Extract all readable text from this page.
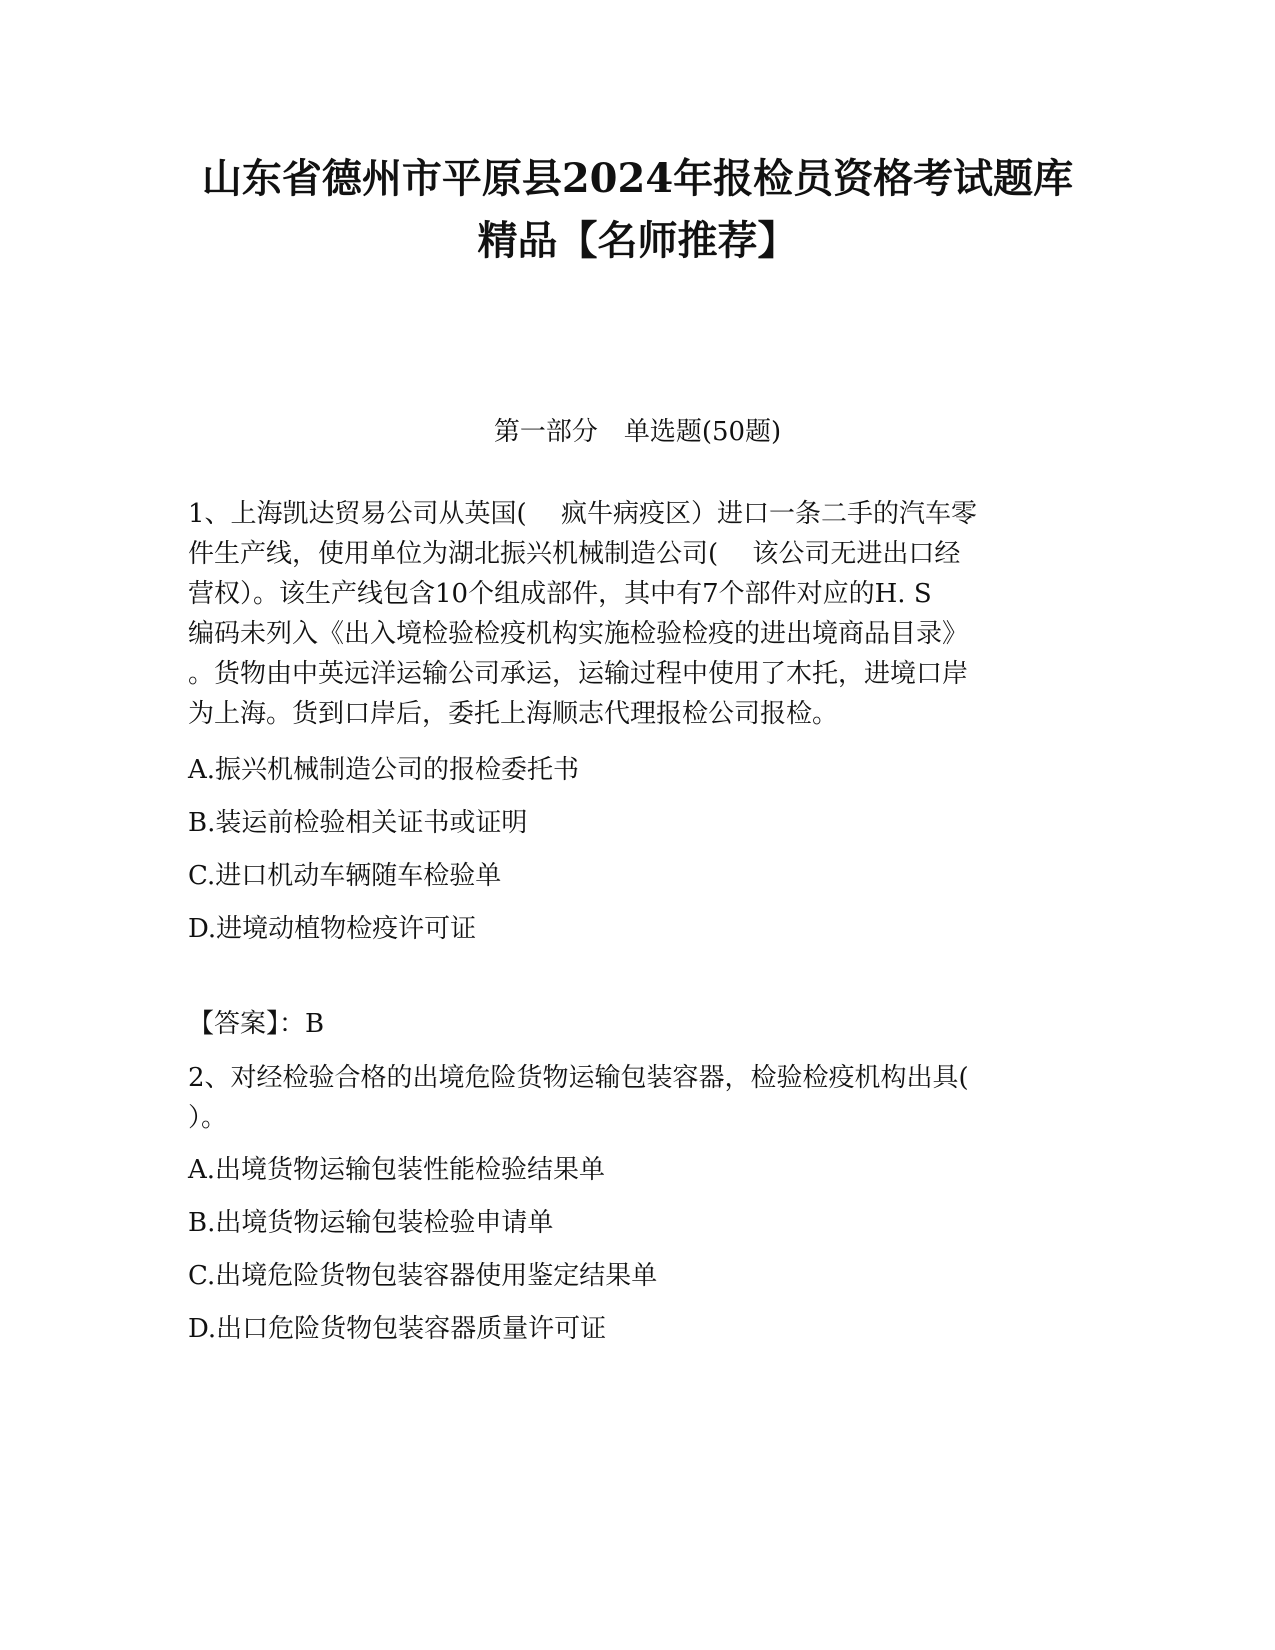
山东省德州市平原县2024年报检员资格考试题库
精品【名师推荐】
第一部分　单选题(50题)
1、上海凯达贸易公司从英国(　 疯牛病疫区）进口一条二手的汽车零
件生产线，使用单位为湖北振兴机械制造公司(　 该公司无进出口经
营权）。该生产线包含10个组成部件，其中有7个部件对应的H. S
编码未列入《出入境检验检疫机构实施检验检疫的进出境商品目录》
。货物由中英远洋运输公司承运，运输过程中使用了木托，进境口岸
为上海。货到口岸后，委托上海顺志代理报检公司报检。
A.振兴机械制造公司的报检委托书
B.装运前检验相关证书或证明
C.进口机动车辆随车检验单
D.进境动植物检疫许可证
【答案】：B
2、对经检验合格的出境危险货物运输包装容器，检验检疫机构出具(
）。
A.出境货物运输包装性能检验结果单
B.出境货物运输包装检验申请单
C.出境危险货物包装容器使用鉴定结果单
D.出口危险货物包装容器质量许可证
